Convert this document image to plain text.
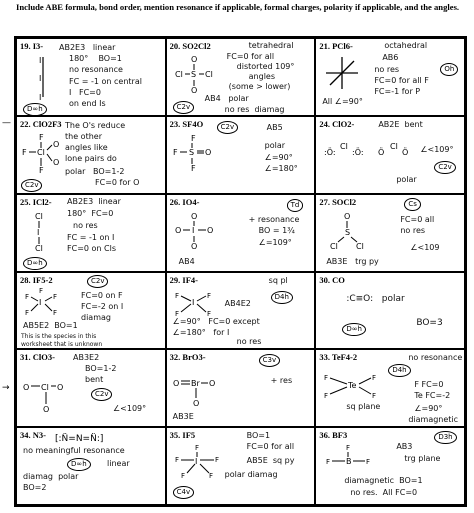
Include ABE formula, bond order, mention resonance if applicable, formal charges, polarity if applicable, and the angles.
—
→
19. I3-
I
I
I
AB2E3   linear
180°    BO=1
no resonance
FC = -1 on central
I   FC=0
on end Is
D∞h
20. SO2Cl2
S
O
O
Cl	Cl
tetrahedral
FC=0 for all
distorted 109°
angles
(some > lower)
AB4   polar
no res  diamag
C2v
21. PCl6-	octahedral
AB6
no res
FC=0 for all F
FC=-1 for P
All ∠=90°
Oh
22. ClO2F3
Cl
F
F
F
O
O
The O's reduce
the other
angles like
lone pairs do
polar   BO=1-2
FC=0 for O
C2v
23. SF4O
S
F
F
F	O
C2v	AB5
polar
∠=90°
∠=180°
24. ClO2-	AB2E  bent
:Ö:
Cl
:Ö: Ö
Cl
Ö ∠<109°
polar
C2v
25. ICl2-
Cl
I
Cl
AB2E3  linear
180°  FC=0
no res
FC = -1 on I
FC=0 on Cls
D∞h
26. IO4-
I
O
O
O	O
Td
+ resonance
BO = 1¾
∠=109°
AB4
27. SOCl2	Cs
O
S
Cl Cl
FC=0 all
no res
AB3E   trg py
∠<109
28. IF5-2	C2v
I
F
F	F
F	F
FC=0 on F
FC=-2 on I
diamag
AB5E2  BO=1
This is the species in this
worksheet that is unknown
29. IF4-	sq pl
I
F	F
F	F
D4h
AB4E2
∠=90°   FC=0 except
∠=180°   for I
no res
30. CO
:C≡O:   polar
BO=3
D∞h
31. ClO3- AB3E2
Cl
O	O
O
BO=1-2
bent
C2v
∠<109°
32. BrO3-	C3v
Br
O	O
O
+ res
AB3E
33. TeF4-2	no resonance
D4h
Te
F	F
F	F
F FC=0
Te FC=-2
sq plane	∠=90°
diamagnetic
34. N3- [:N̈=N=N̈:]
no meaningful resonance
D∞h	linear
diamag  polar
BO=2
35. IF5
I
F
F	F
F	F
BO=1
FC=0 for all
AB5E  sq py
polar diamag
C4v
36. BF3	D3h
F
B
F	F
AB3
trg plane
diamagnetic  BO=1
no res.  All FC=0
